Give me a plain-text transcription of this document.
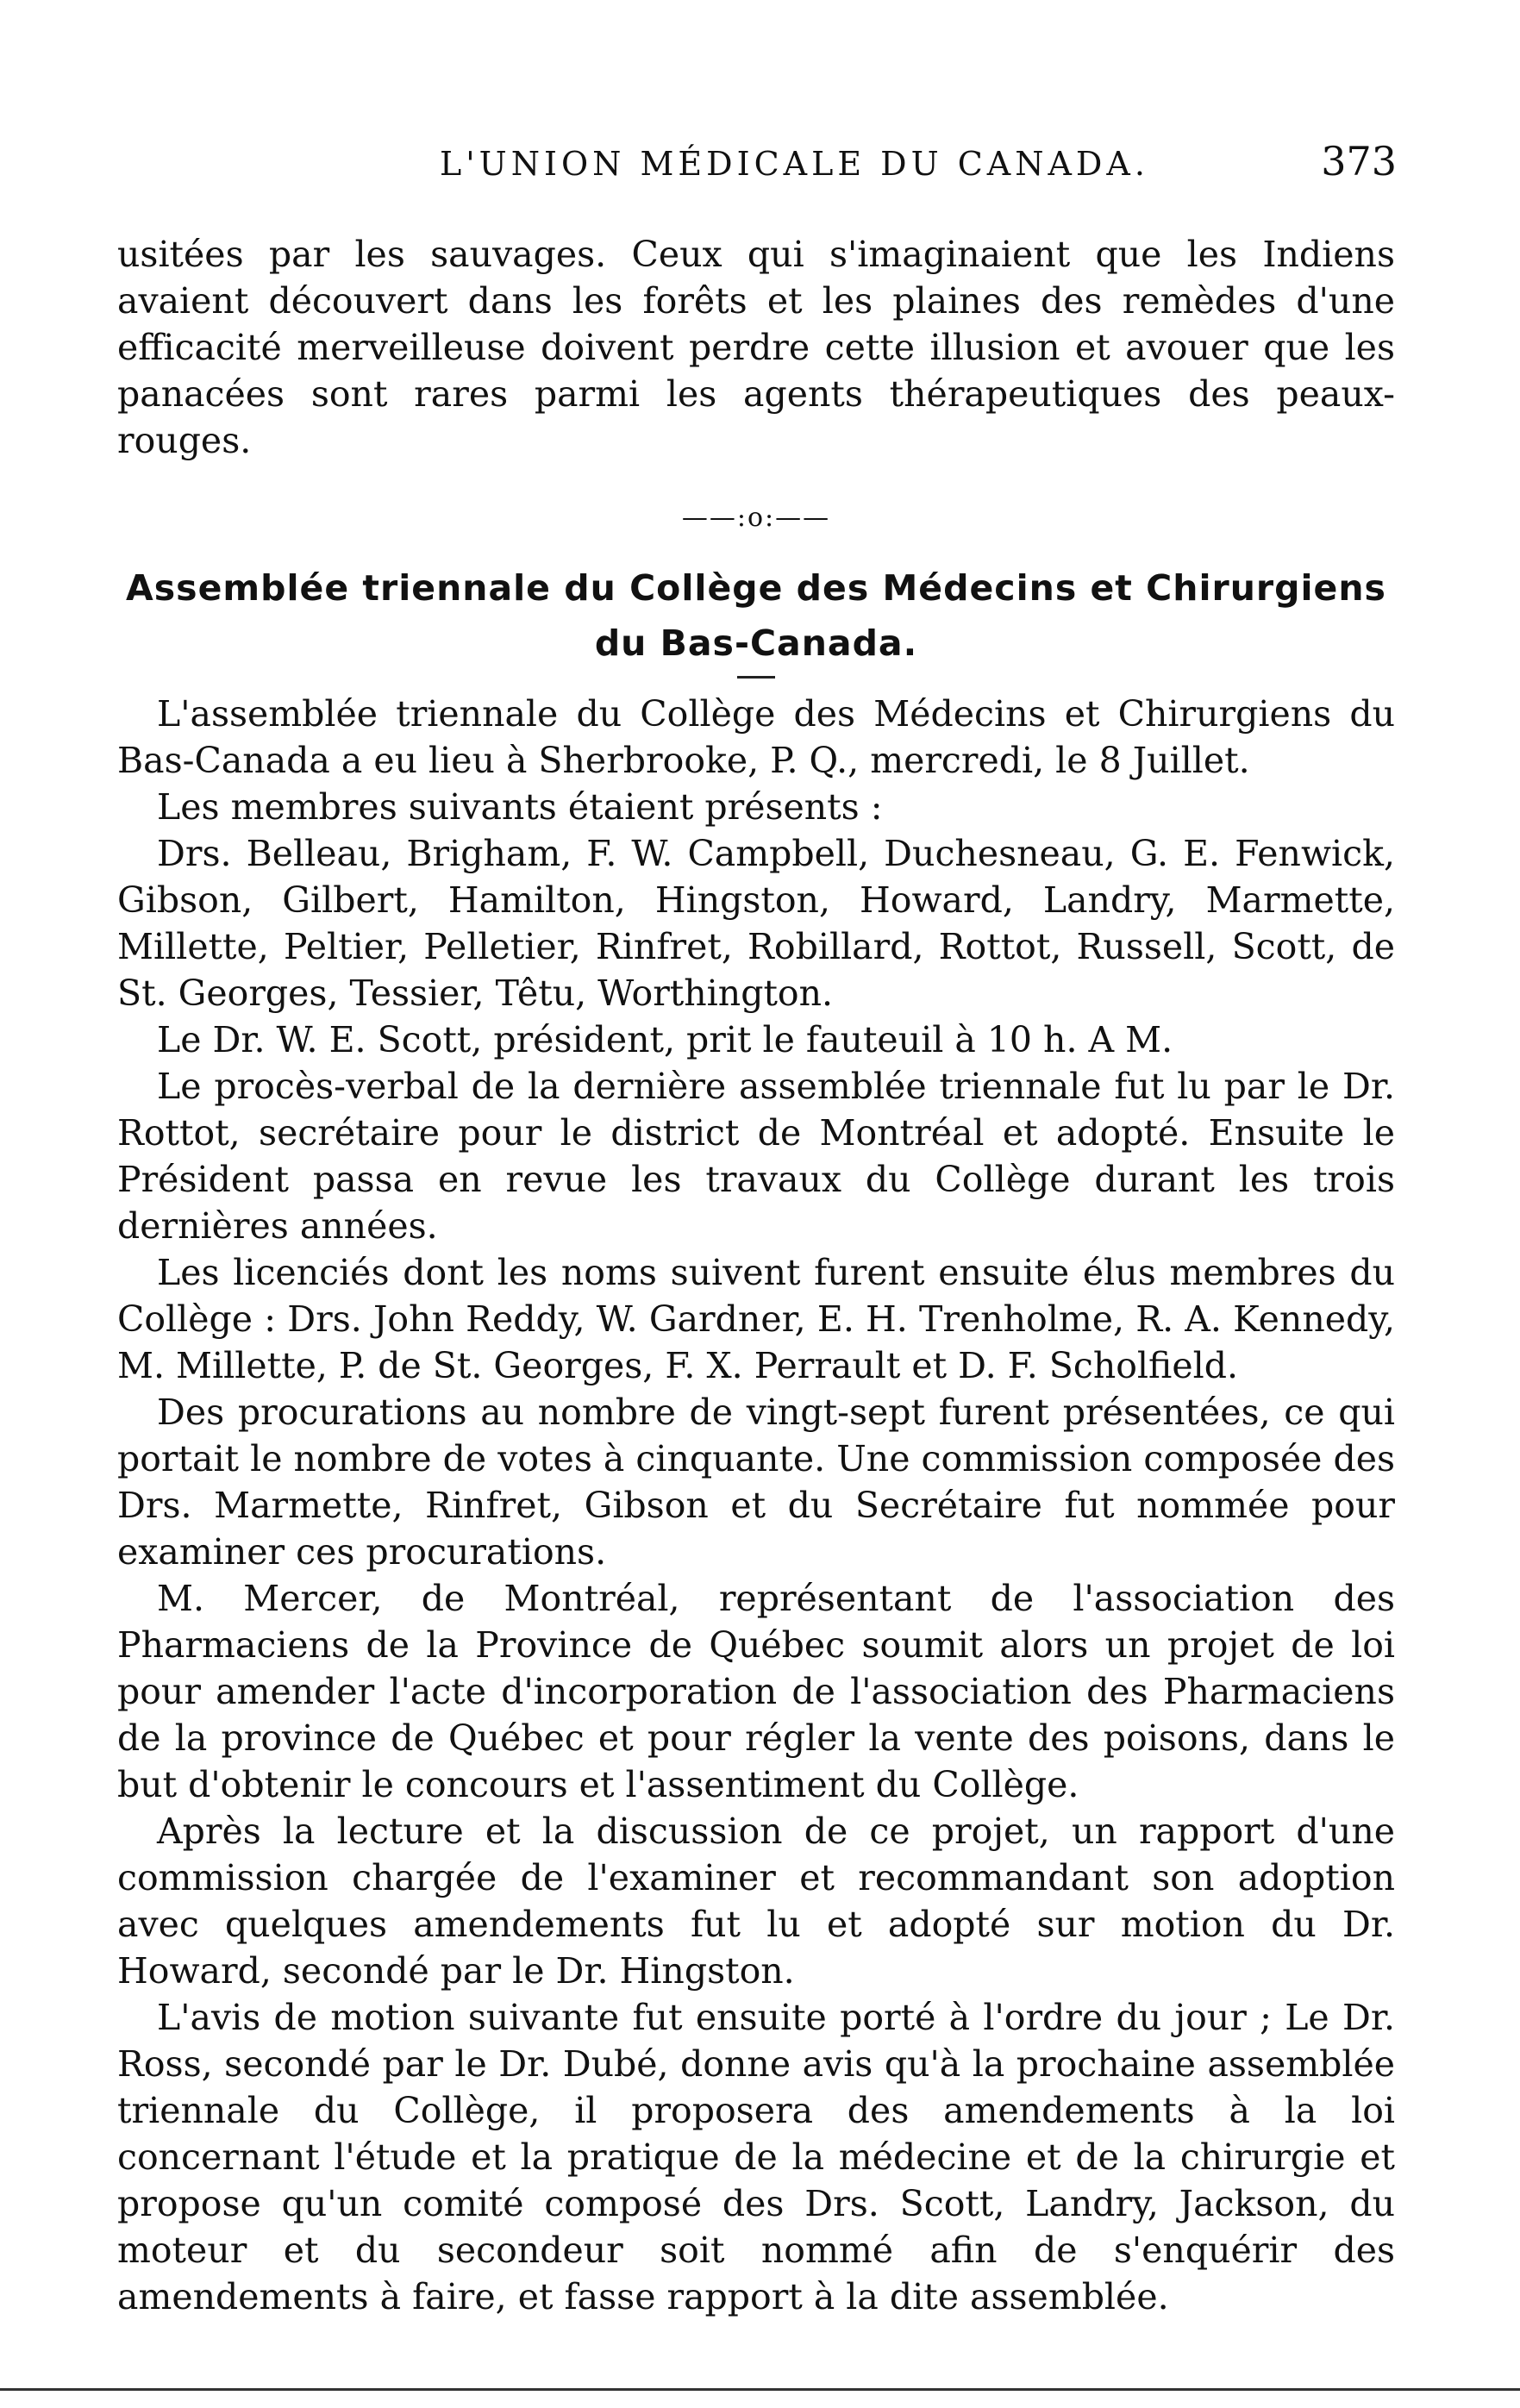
L'UNION MÉDICALE DU CANADA.	373

usitées par les sauvages. Ceux qui s'imaginaient que les Indiens avaient découvert dans les forêts et les plaines des remèdes d'une efficacité merveilleuse doivent perdre cette illusion et avouer que les panacées sont rares parmi les agents thérapeutiques des peaux-rouges.

——:o:——
Assemblée triennale du Collège des Médecins et Chirurgiens du Bas-Canada.

L'assemblée triennale du Collège des Médecins et Chirurgiens du Bas-Canada a eu lieu à Sherbrooke, P. Q., mercredi, le 8 Juillet.

Les membres suivants étaient présents :

Drs. Belleau, Brigham, F. W. Campbell, Duchesneau, G. E. Fenwick, Gibson, Gilbert, Hamilton, Hingston, Howard, Landry, Marmette, Millette, Peltier, Pelletier, Rinfret, Robillard, Rottot, Russell, Scott, de St. Georges, Tessier, Têtu, Worthington.

Le Dr. W. E. Scott, président, prit le fauteuil à 10 h. A M.

Le procès-verbal de la dernière assemblée triennale fut lu par le Dr. Rottot, secrétaire pour le district de Montréal et adopté. Ensuite le Président passa en revue les travaux du Collège durant les trois dernières années.

Les licenciés dont les noms suivent furent ensuite élus membres du Collège : Drs. John Reddy, W. Gardner, E. H. Trenholme, R. A. Kennedy, M. Millette, P. de St. Georges, F. X. Perrault et D. F. Scholfield.

Des procurations au nombre de vingt-sept furent présentées, ce qui portait le nombre de votes à cinquante. Une commission composée des Drs. Marmette, Rinfret, Gibson et du Secrétaire fut nommée pour examiner ces procurations.

M. Mercer, de Montréal, représentant de l'association des Pharmaciens de la Province de Québec soumit alors un projet de loi pour amender l'acte d'incorporation de l'association des Pharmaciens de la province de Québec et pour régler la vente des poisons, dans le but d'obtenir le concours et l'assentiment du Collège.

Après la lecture et la discussion de ce projet, un rapport d'une commission chargée de l'examiner et recommandant son adoption avec quelques amendements fut lu et adopté sur motion du Dr. Howard, secondé par le Dr. Hingston.

L'avis de motion suivante fut ensuite porté à l'ordre du jour ; Le Dr. Ross, secondé par le Dr. Dubé, donne avis qu'à la prochaine assemblée triennale du Collège, il proposera des amendements à la loi concernant l'étude et la pratique de la médecine et de la chirurgie et propose qu'un comité composé des Drs. Scott, Landry, Jackson, du moteur et du secondeur soit nommé afin de s'enquérir des amendements à faire, et fasse rapport à la dite assemblée.
